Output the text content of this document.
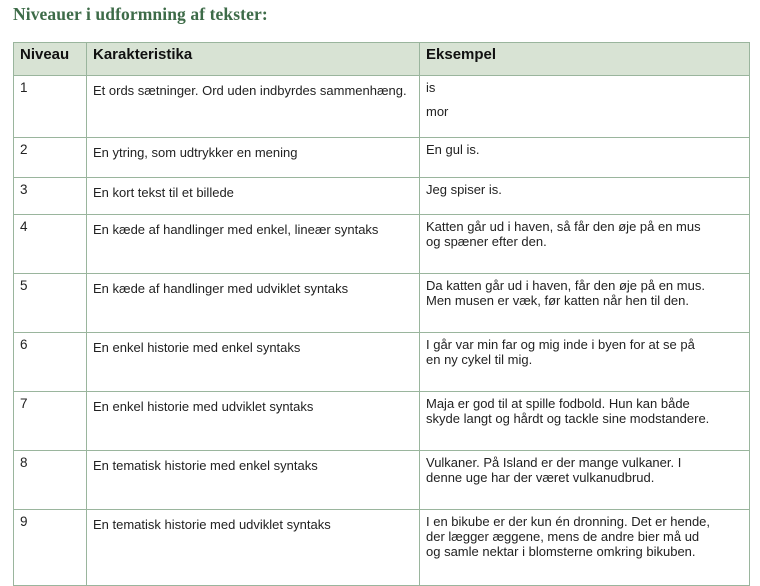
Niveauer i udformning af tekster:
Niveau	Karakteristika	Eksempel
1	Et ords sætninger. Ord uden indbyrdes sammenhæng.	is
mor

2	En ytring, som udtrykker en mening	En gul is.

3	En kort tekst til et billede	Jeg spiser is.

4	En kæde af handlinger med enkel, lineær syntaks	Katten går ud i haven, så får den øje på en mus
og spæner efter den.

5	En kæde af handlinger med udviklet syntaks	Da katten går ud i haven, får den øje på en mus.
Men musen er væk, før katten når hen til den.

6	En enkel historie med enkel syntaks	I går var min far og mig inde i byen for at se på
en ny cykel til mig.

7	En enkel historie med udviklet syntaks	Maja er god til at spille fodbold. Hun kan både
skyde langt og hårdt og tackle sine modstandere.

8	En tematisk historie med enkel syntaks	Vulkaner. På Island er der mange vulkaner. I
denne uge har der været vulkanudbrud.

9	En tematisk historie med udviklet syntaks	I en bikube er der kun én dronning. Det er hende,
der lægger æggene, mens de andre bier må ud
og samle nektar i blomsterne omkring bikuben.
